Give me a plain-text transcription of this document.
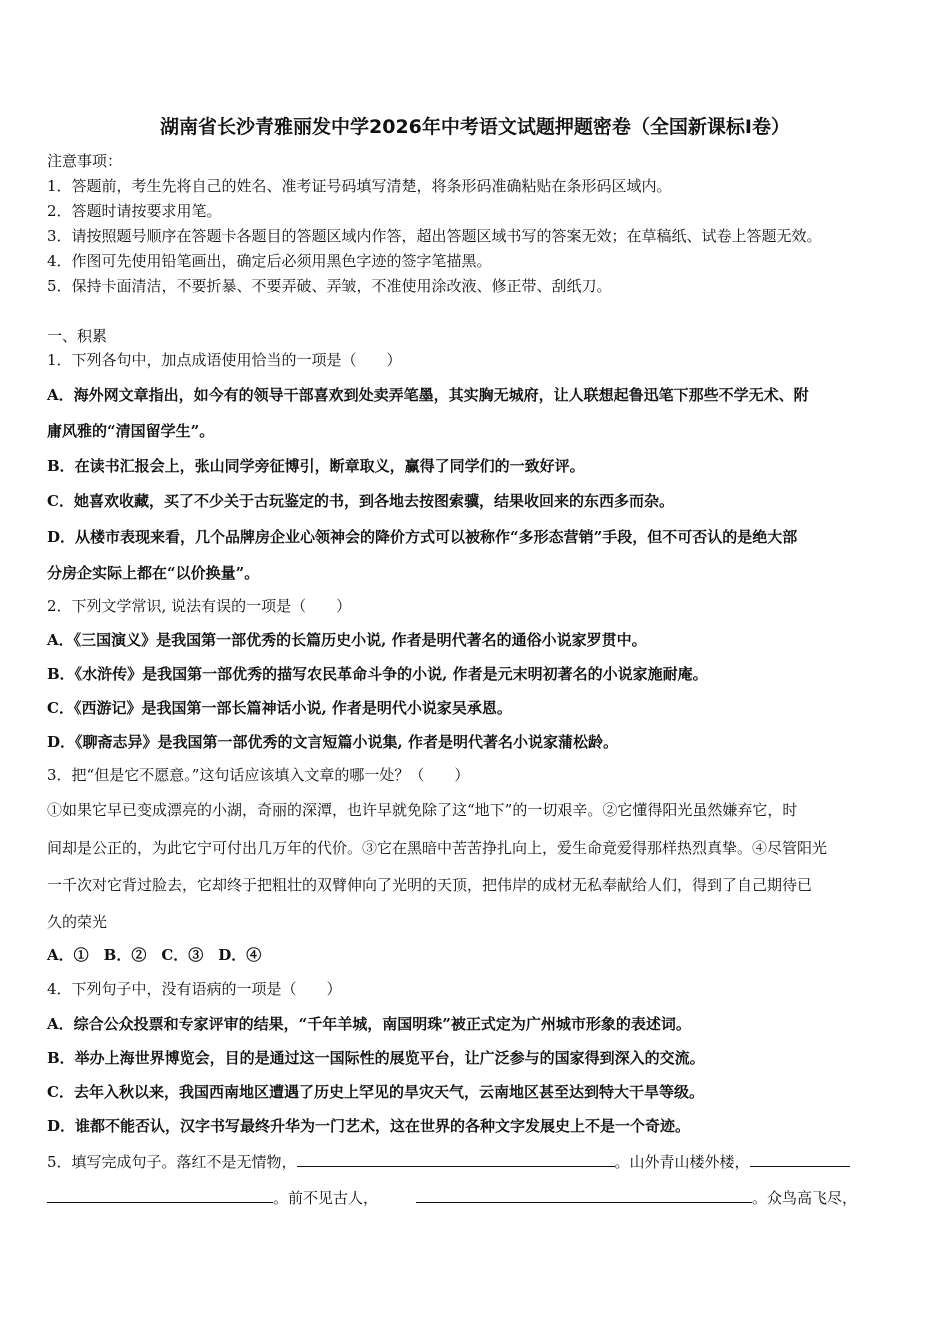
湖南省长沙青雅丽发中学2026年中考语文试题押题密卷（全国新课标Ⅰ卷）
注意事项：
1．答题前，考生先将自己的姓名、准考证号码填写清楚，将条形码准确粘贴在条形码区域内。
2．答题时请按要求用笔。
3．请按照题号顺序在答题卡各题目的答题区域内作答，超出答题区域书写的答案无效；在草稿纸、试卷上答题无效。
4．作图可先使用铅笔画出，确定后必须用黑色字迹的签字笔描黑。
5．保持卡面清洁，不要折暴、不要弄破、弄皱，不准使用涂改液、修正带、刮纸刀。
一、积累
1．下列各句中，加点成语使用恰当的一项是（　　）
A．海外网文章指出，如今有的领导干部喜欢到处卖弄笔墨，其实胸无城府，让人联想起鲁迅笔下那些不学无术、附
庸风雅的“清国留学生”。
B．在读书汇报会上，张山同学旁征博引，断章取义，赢得了同学们的一致好评。
C．她喜欢收藏，买了不少关于古玩鉴定的书，到各地去按图索骥，结果收回来的东西多而杂。
D．从楼市表现来看，几个品牌房企业心领神会的降价方式可以被称作“多形态营销”手段，但不可否认的是绝大部
分房企实际上都在“以价换量”。
2．下列文学常识, 说法有误的一项是（　　）
A．《三国演义》是我国第一部优秀的长篇历史小说, 作者是明代著名的通俗小说家罗贯中。
B．《水浒传》是我国第一部优秀的描写农民革命斗争的小说, 作者是元末明初著名的小说家施耐庵。
C．《西游记》是我国第一部长篇神话小说, 作者是明代小说家吴承恩。
D．《聊斋志异》是我国第一部优秀的文言短篇小说集, 作者是明代著名小说家蒲松龄。
3．把“但是它不愿意。”这句话应该填入文章的哪一处？（　　）
①如果它早已变成漂亮的小湖，奇丽的深潭，也许早就免除了这“地下”的一切艰辛。②它懂得阳光虽然嫌弃它，时
间却是公正的，为此它宁可付出几万年的代价。③它在黑暗中苦苦挣扎向上，爱生命竟爱得那样热烈真挚。④尽管阳光
一千次对它背过脸去，它却终于把粗壮的双臂伸向了光明的天顶，把伟岸的成材无私奉献给人们，得到了自己期待已
久的荣光
A．①　B．②　C．③　D．④
4．下列句子中，没有语病的一项是（　　）
A．综合公众投票和专家评审的结果，“千年羊城，南国明珠”被正式定为广州城市形象的表述词。
B．举办上海世界博览会，目的是通过这一国际性的展览平台，让广泛参与的国家得到深入的交流。
C．去年入秋以来，我国西南地区遭遇了历史上罕见的旱灾天气，云南地区甚至达到特大干旱等级。
D．谁都不能否认，汉字书写最终升华为一门艺术，这在世界的各种文字发展史上不是一个奇迹。
5．填写完成句子。落红不是无情物，	。山外青山楼外楼，
。前不见古人，	。众鸟高飞尽，
